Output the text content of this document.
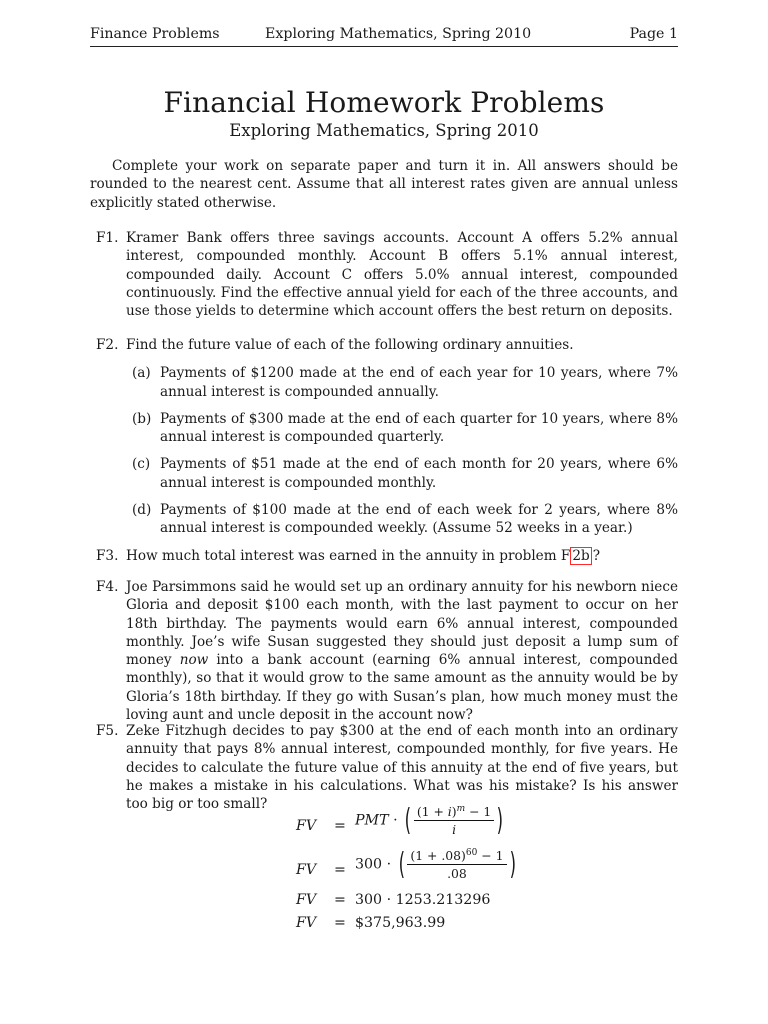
Finance Problems	Exploring Mathematics, Spring 2010	Page 1
Financial Homework Problems
Exploring Mathematics, Spring 2010
Complete your work on separate paper and turn it in. All answers should be rounded to the nearest cent. Assume that all interest rates given are annual unless explicitly stated otherwise.
F1. Kramer Bank offers three savings accounts. Account A offers 5.2% annual interest, compounded monthly. Account B offers 5.1% annual interest, compounded daily. Account C offers 5.0% annual interest, compounded continuously. Find the effective annual yield for each of the three accounts, and use those yields to determine which account offers the best return on deposits.
F2. Find the future value of each of the following ordinary annuities.
(a) Payments of $1200 made at the end of each year for 10 years, where 7% annual interest is compounded annually.
(b) Payments of $300 made at the end of each quarter for 10 years, where 8% annual interest is compounded quarterly.
(c) Payments of $51 made at the end of each month for 20 years, where 6% annual interest is compounded monthly.
(d) Payments of $100 made at the end of each week for 2 years, where 8% annual interest is compounded weekly. (Assume 52 weeks in a year.)
F3. How much total interest was earned in the annuity in problem F 2b ?
F4. Joe Parsimmons said he would set up an ordinary annuity for his newborn niece Gloria and deposit $100 each month, with the last payment to occur on her 18th birthday. The payments would earn 6% annual interest, compounded monthly. Joe’s wife Susan suggested they should just deposit a lump sum of money now into a bank account (earning 6% annual interest, compounded monthly), so that it would grow to the same amount as the annuity would be by Gloria’s 18th birthday. If they go with Susan’s plan, how much money must the loving aunt and uncle deposit in the account now?
F5. Zeke Fitzhugh decides to pay $300 at the end of each month into an ordinary annuity that pays 8% annual interest, compounded monthly, for five years. He decides to calculate the future value of this annuity at the end of five years, but he makes a mistake in his calculations. What was his mistake? Is his answer too big or too small?
FV = PMT · ( $\frac{(1 + i)^m - 1}{i}$ )
FV = 300 · ( $\frac{(1 + .08)^{60} - 1}{.08}$ )
FV = 300 · 1253.213296
FV = $375,963.99
